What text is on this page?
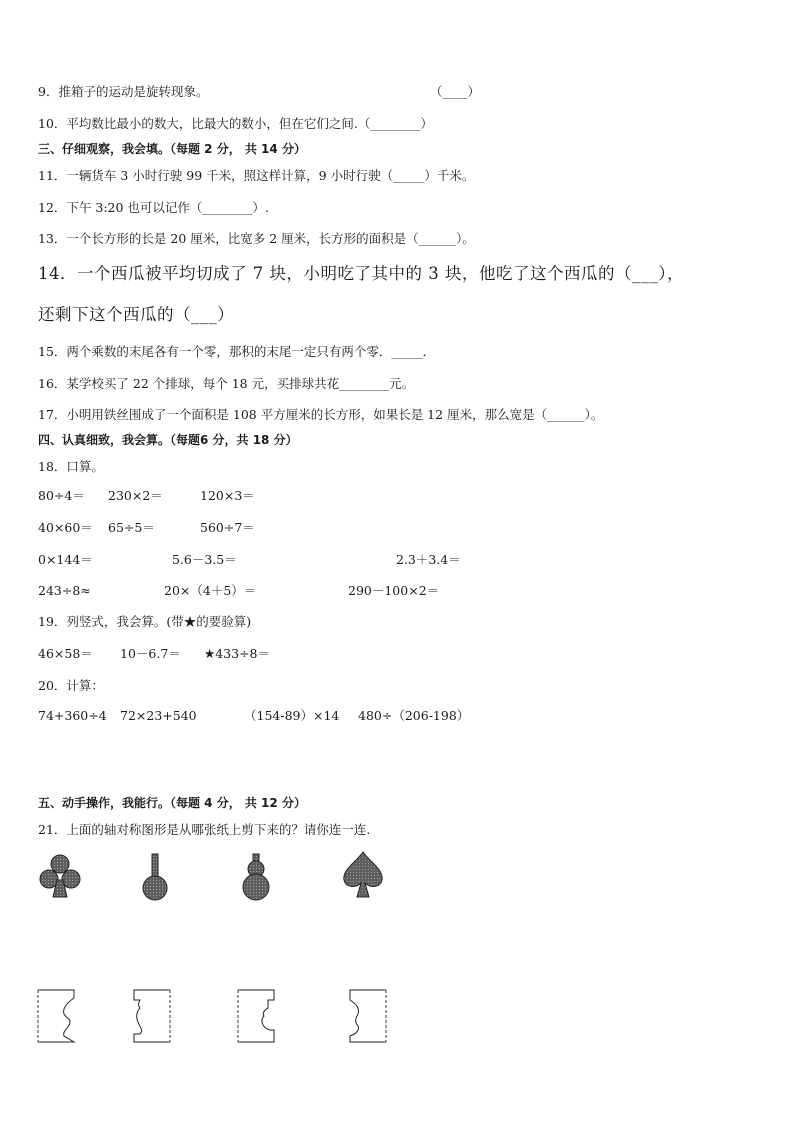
9．推箱子的运动是旋转现象。	（____）
10．平均数比最小的数大，比最大的数小，但在它们之间.（________）
三、仔细观察，我会填。（每题 2 分， 共 14 分）
11．一辆货车 3 小时行驶 99 千米，照这样计算，9 小时行驶（_____）千米。
12．下午 3:20 也可以记作（________）.
13．一个长方形的长是 20 厘米，比宽多 2 厘米，长方形的面积是（______）。
14．一个西瓜被平均切成了 7 块，小明吃了其中的 3 块，他吃了这个西瓜的（___），
还剩下这个西瓜的（___）
15．两个乘数的末尾各有一个零，那积的末尾一定只有两个零．_____．
16．某学校买了 22 个排球，每个 18 元，买排球共花________元。
17．小明用铁丝围成了一个面积是 108 平方厘米的长方形，如果长是 12 厘米，那么宽是（______）。
四、认真细致，我会算。（每题6 分，共 18 分）
18．口算。
80÷4＝ 230×2＝	120×3＝
40×60＝ 65÷5＝	560÷7＝
0×144＝	5.6－3.5＝	2.3＋3.4＝
243÷8≈	20×（4＋5）＝	290－100×2＝
19．列竖式，我会算。(带★的要验算)
46×58＝ 10－6.7＝ ★433÷8＝
20．计算：
74+360÷4 72×23+540	（154-89）×14 480÷（206-198）
五、动手操作，我能行。（每题 4 分， 共 12 分）
21．上面的轴对称图形是从哪张纸上剪下来的？请你连一连.
